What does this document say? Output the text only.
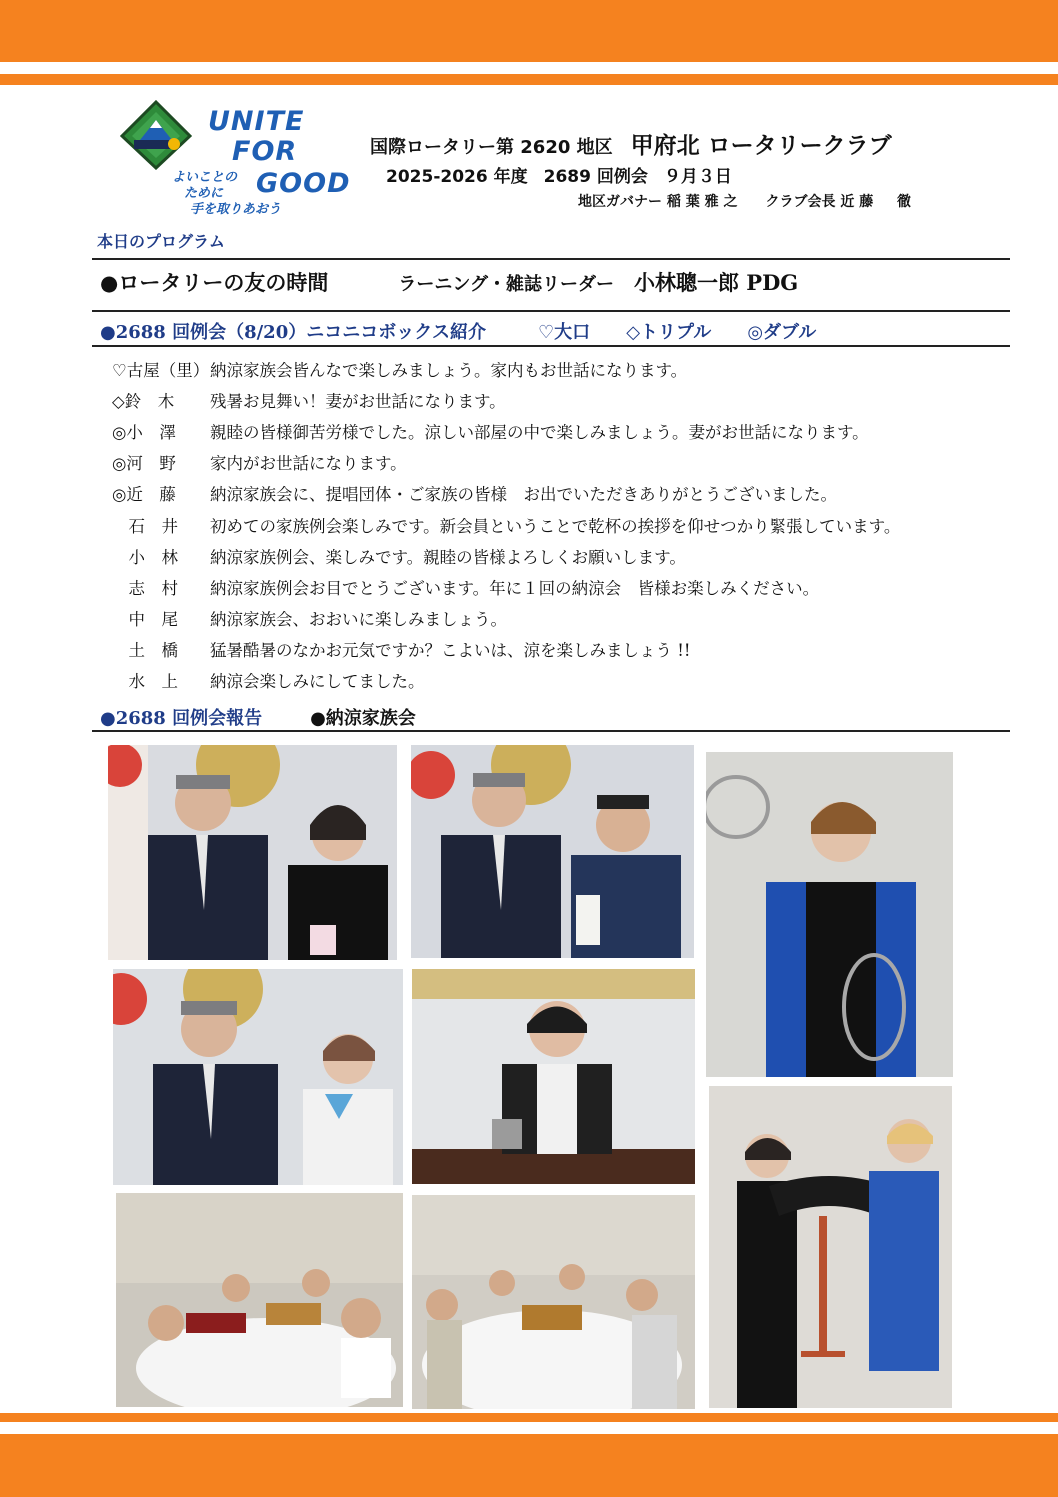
UNITE
FOR
GOOD
よいことの
ために
手を取りあおう
国際ロータリー第 2620 地区 甲府北 ロータリークラブ
2025-2026 年度 2689 回例会 ９月３日
地区ガバナー 稲 葉 雅 之 クラブ会長 近 藤 　 徹
本日のプログラム
●ロータリーの友の時間	ラーニング・雑誌リーダー 小林聰一郎 PDG
●2688 回例会（8/20）ニコニコボックス紹介	♡大口 ◇トリプル ◎ダブル
♡古屋（里） 納涼家族会皆んなで楽しみましょう。家内もお世話になります。
◇鈴　木	残暑お見舞い！妻がお世話になります。
◎小　澤	親睦の皆様御苦労様でした。涼しい部屋の中で楽しみましょう。妻がお世話になります。
◎河　野	家内がお世話になります。
◎近　藤	納涼家族会に、提唱団体・ご家族の皆様　お出でいただきありがとうございました。
　石　井	初めての家族例会楽しみです。新会員ということで乾杯の挨拶を仰せつかり緊張しています。
　小　林	納涼家族例会、楽しみです。親睦の皆様よろしくお願いします。
　志　村	納涼家族例会お目でとうございます。年に１回の納涼会　皆様お楽しみください。
　中　尾	納涼家族会、おおいに楽しみましょう。
　土　橋	猛暑酷暑のなかお元気ですか？こよいは、涼を楽しみましょう !!
　水　上	納涼会楽しみにしてました。
●2688 回例会報告	●納涼家族会
